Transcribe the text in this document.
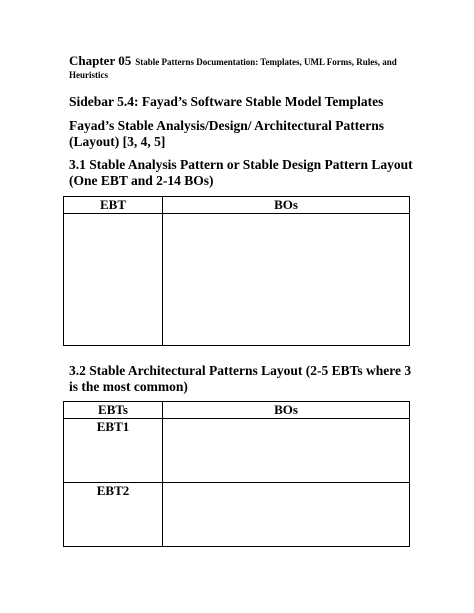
Chapter 05 Stable Patterns Documentation: Templates, UML Forms, Rules, and Heuristics
Sidebar 5.4: Fayad’s Software Stable Model Templates
Fayad’s Stable Analysis/Design/ Architectural Patterns (Layout) [3, 4, 5]
3.1 Stable Analysis Pattern or Stable Design Pattern Layout (One EBT and 2-14 BOs)
EBT	BOs

3.2 Stable Architectural Patterns Layout (2-5 EBTs where 3 is the most common)
EBTs	BOs
EBT1	
EBT2	
